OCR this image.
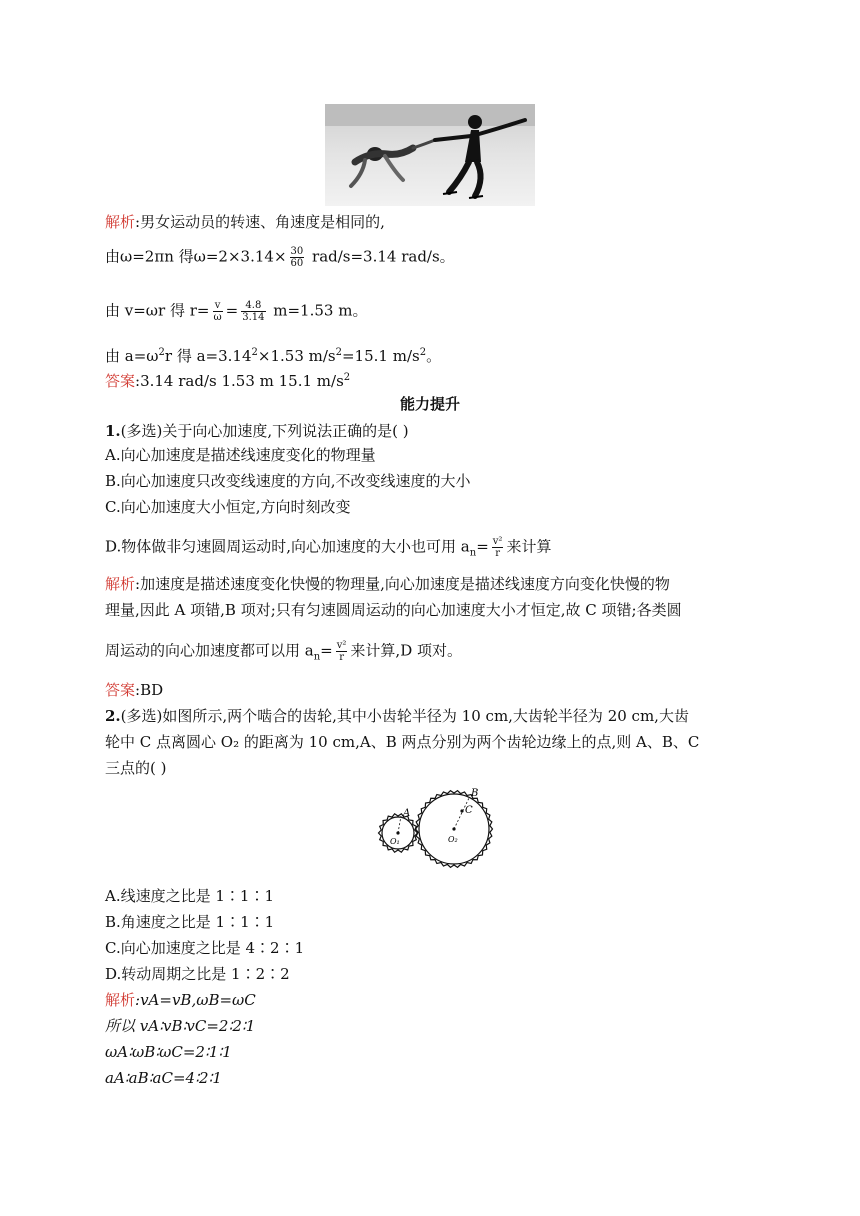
解析:男女运动员的转速、角速度是相同的,
由ω=2πn 得$\omega=2\times 3.14\times \frac{30}{60} rad/s=3.14$ rad/s。
由 v=ωr 得 $r= \frac{v}{\omega} = \frac{4.8}{3.14} m=1.53$ m。
由 $a=\omega^2r$ 得 $a=3.14^2\times 1.53$ $m/s^2=15.1$ $m/s^2$。
答案:3.14 rad/s 1.53 m 15.1 $m/s^2$
能力提升
1.(多选)关于向心加速度,下列说法正确的是( )
A.向心加速度是描述线速度变化的物理量
B.向心加速度只改变线速度的方向,不改变线速度的大小
C.向心加速度大小恒定,方向时刻改变
D.物体做非匀速圆周运动时,向心加速度的大小也可用 $a_n= \frac{\text{v²}}{r}$ 来计算
解析:加速度是描述速度变化快慢的物理量,向心加速度是描述线速度方向变化快慢的物
理量,因此 A 项错,B 项对;只有匀速圆周运动的向心加速度大小才恒定,故 C 项错;各类圆
周运动的向心加速度都可以用 $a_n= \frac{\text{v²}}{r}$ 来计算,D 项对。
答案:BD
2.(多选)如图所示,两个啮合的齿轮,其中小齿轮半径为 10 cm,大齿轮半径为 20 cm,大齿
轮中 C 点离圆心 O₂ 的距离为 10 cm,A、B 两点分别为两个齿轮边缘上的点,则 A、B、C
三点的( )
A
B
C
O₁	O₂
A.线速度之比是 1∶1∶1
B.角速度之比是 1∶1∶1
C.向心加速度之比是 4∶2∶1
D.转动周期之比是 1∶2∶2
解析:vA=vB,ωB=ωC
所以 vA∶vB∶vC=2∶2∶1
ωA∶ωB∶ωC=2∶1∶1
aA∶aB∶aC=4∶2∶1
